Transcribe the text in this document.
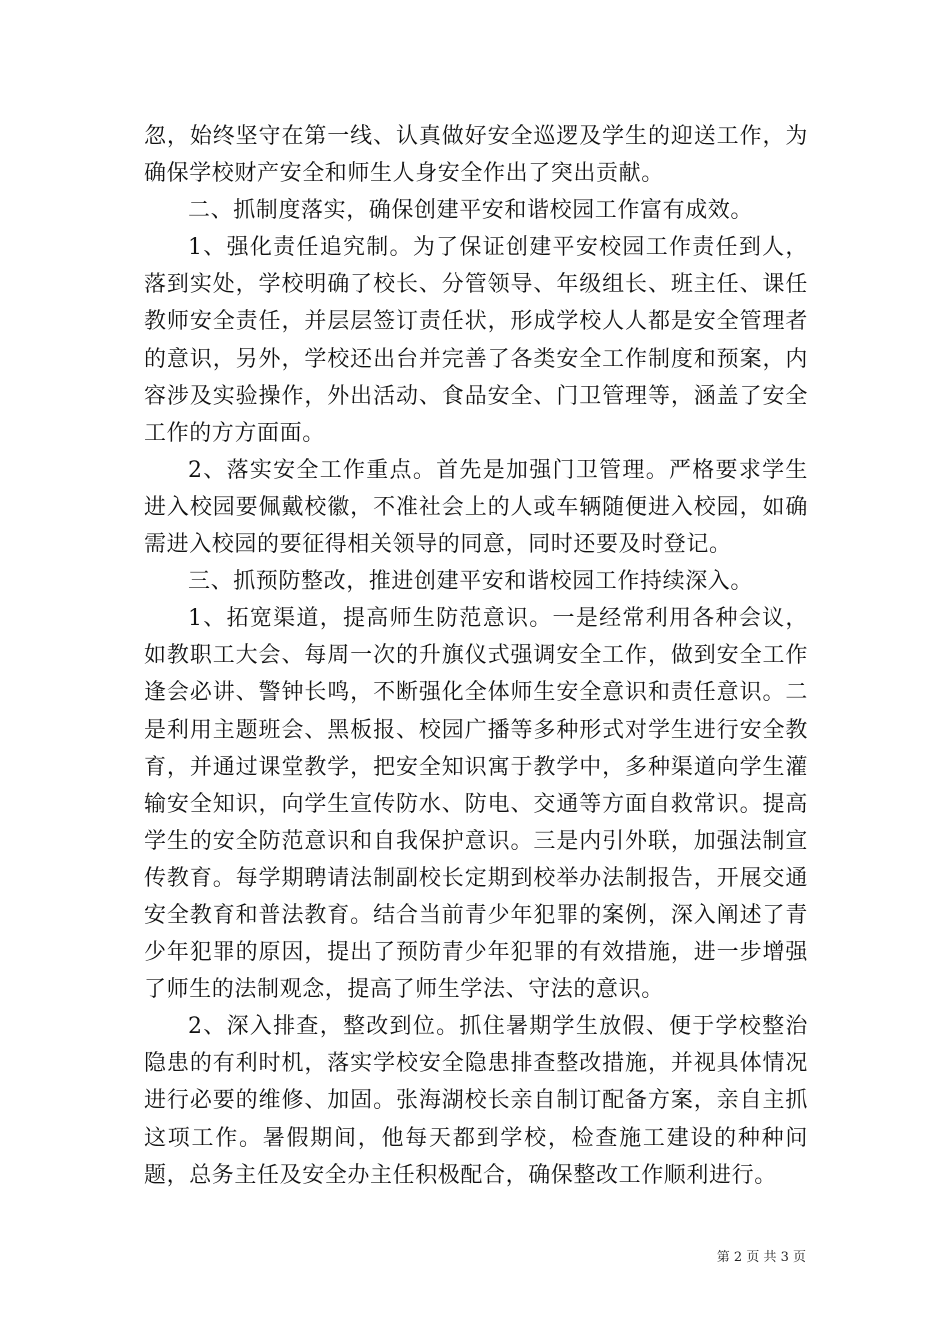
忽，始终坚守在第一线、认真做好安全巡逻及学生的迎送工作，为确保学校财产安全和师生人身安全作出了突出贡献。

二、抓制度落实，确保创建平安和谐校园工作富有成效。

1、强化责任追究制。为了保证创建平安校园工作责任到人，落到实处，学校明确了校长、分管领导、年级组长、班主任、课任教师安全责任，并层层签订责任状，形成学校人人都是安全管理者的意识，另外，学校还出台并完善了各类安全工作制度和预案，内容涉及实验操作，外出活动、食品安全、门卫管理等，涵盖了安全工作的方方面面。

2、落实安全工作重点。首先是加强门卫管理。严格要求学生进入校园要佩戴校徽，不准社会上的人或车辆随便进入校园，如确需进入校园的要征得相关领导的同意，同时还要及时登记。

三、抓预防整改，推进创建平安和谐校园工作持续深入。

1、拓宽渠道，提高师生防范意识。一是经常利用各种会议，如教职工大会、每周一次的升旗仪式强调安全工作，做到安全工作逢会必讲、警钟长鸣，不断强化全体师生安全意识和责任意识。二是利用主题班会、黑板报、校园广播等多种形式对学生进行安全教育，并通过课堂教学，把安全知识寓于教学中，多种渠道向学生灌输安全知识，向学生宣传防水、防电、交通等方面自救常识。提高学生的安全防范意识和自我保护意识。三是内引外联，加强法制宣传教育。每学期聘请法制副校长定期到校举办法制报告，开展交通安全教育和普法教育。结合当前青少年犯罪的案例，深入阐述了青少年犯罪的原因，提出了预防青少年犯罪的有效措施，进一步增强了师生的法制观念，提高了师生学法、守法的意识。

2、深入排查，整改到位。抓住暑期学生放假、便于学校整治隐患的有利时机，落实学校安全隐患排查整改措施，并视具体情况进行必要的维修、加固。张海湖校长亲自制订配备方案，亲自主抓这项工作。暑假期间，他每天都到学校，检查施工建设的种种问题，总务主任及安全办主任积极配合，确保整改工作顺利进行。

第 2 页 共 3 页
